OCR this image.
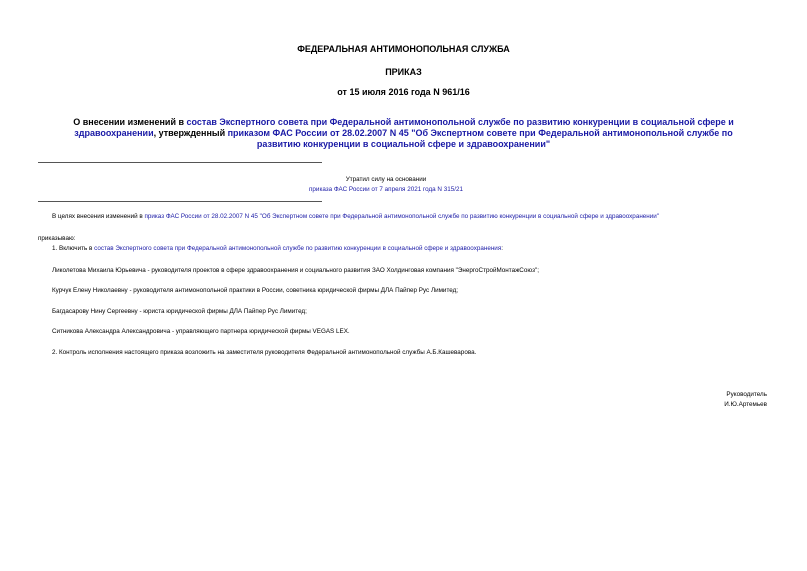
ФЕДЕРАЛЬНАЯ АНТИМОНОПОЛЬНАЯ СЛУЖБА
ПРИКАЗ
от 15 июля 2016 года N 961/16
О внесении изменений в состав Экспертного совета при Федеральной антимонопольной службе по развитию конкуренции в социальной сфере и здравоохранении, утвержденный приказом ФАС России от 28.02.2007 N 45 "Об Экспертном совете при Федеральной антимонопольной службе по развитию конкуренции в социальной сфере и здравоохранении"
Утратил силу на основании
приказа ФАС России от 7 апреля 2021 года N 315/21
В целях внесения изменений в приказ ФАС России от 28.02.2007 N 45 "Об Экспертном совете при Федеральной антимонопольной службе по развитию конкуренции в социальной сфере и здравоохранении"
приказываю:
1. Включить в состав Экспертного совета при Федеральной антимонопольной службе по развитию конкуренции в социальной сфере и здравоохранения:
Ликолетова Михаила Юрьевича - руководителя проектов в сфере здравоохранения и социального развития ЗАО Холдинговая компания "ЭнергоСтройМонтажСоюз";
Курчук Елену Николаевну - руководителя антимонопольной практики в России, советника юридической фирмы ДЛА Пайпер Рус Лимитед;
Багдасарову Нину Сергеевну - юриста юридической фирмы ДЛА Пайпер Рус Лимитед;
Ситникова Александра Александровича - управляющего партнера юридической фирмы VEGAS LEX.
2. Контроль исполнения настоящего приказа возложить на заместителя руководителя Федеральной антимонопольной службы А.Б.Кашеварова.
Руководитель
И.Ю.Артемьев
